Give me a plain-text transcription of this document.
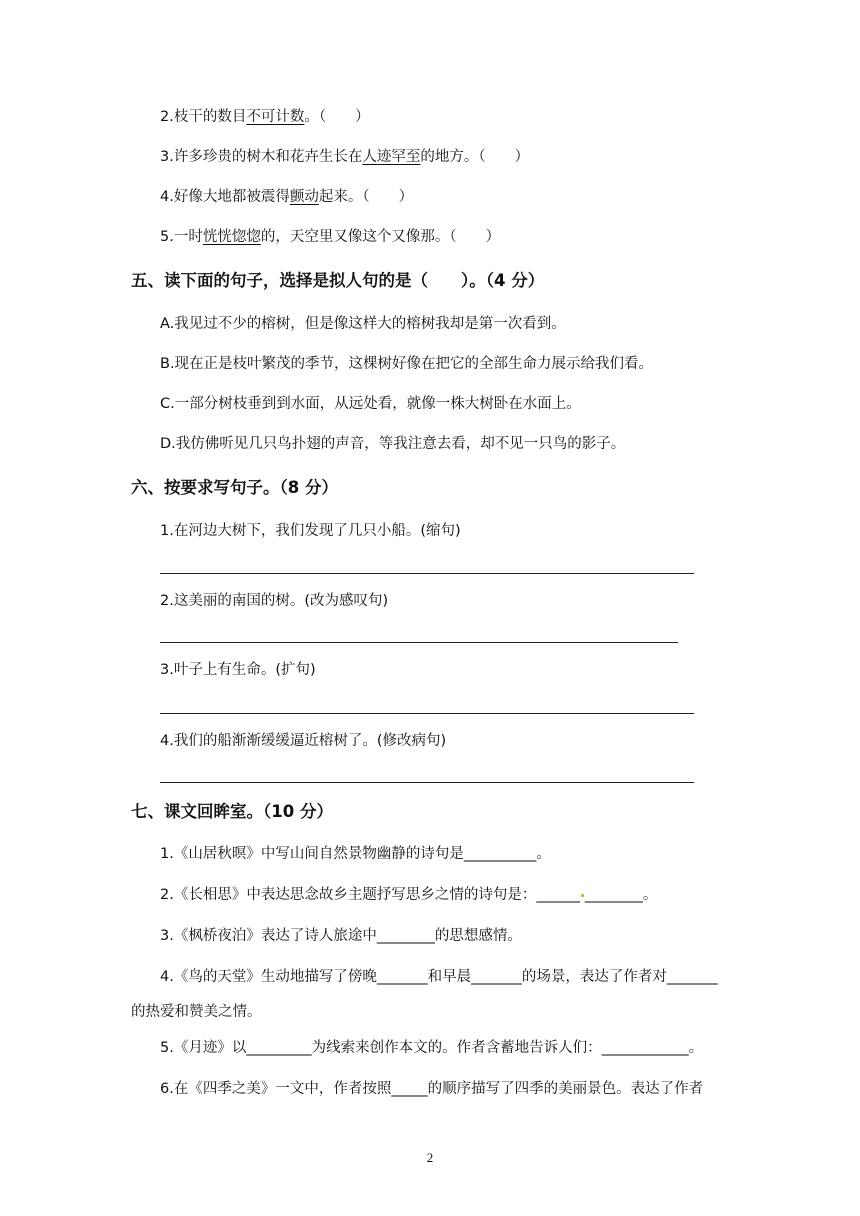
2.枝干的数目不可计数。（　　）
3.许多珍贵的树木和花卉生长在人迹罕至的地方。（　　）
4.好像大地都被震得颤动起来。（　　）
5.一时恍恍惚惚的，天空里又像这个又像那。（　　）
五、读下面的句子，选择是拟人句的是（　　）。（4 分）
A.我见过不少的榕树，但是像这样大的榕树我却是第一次看到。
B.现在正是枝叶繁茂的季节，这棵树好像在把它的全部生命力展示给我们看。
C.一部分树枝垂到到水面，从远处看，就像一株大树卧在水面上。
D.我仿佛听见几只鸟扑翅的声音，等我注意去看，却不见一只鸟的影子。
六、按要求写句子。（8 分）
1.在河边大树下，我们发现了几只小船。(缩句)
2.这美丽的南国的树。(改为感叹句)
3.叶子上有生命。(扩句)
4.我们的船渐渐缓缓逼近榕树了。(修改病句)
七、课文回眸室。（10 分）
1.《山居秋暝》中写山间自然景物幽静的诗句是__________。
2.《长相思》中表达思念故乡主题抒写思乡之情的诗句是：______ ________。
3.《枫桥夜泊》表达了诗人旅途中________的思想感情。
4.《鸟的天堂》生动地描写了傍晚_______和早晨_______的场景，表达了作者对_______
的热爱和赞美之情。
5.《月迹》以_________为线索来创作本文的。作者含蓄地告诉人们：____________。
6.在《四季之美》一文中，作者按照_____的顺序描写了四季的美丽景色。表达了作者
2
